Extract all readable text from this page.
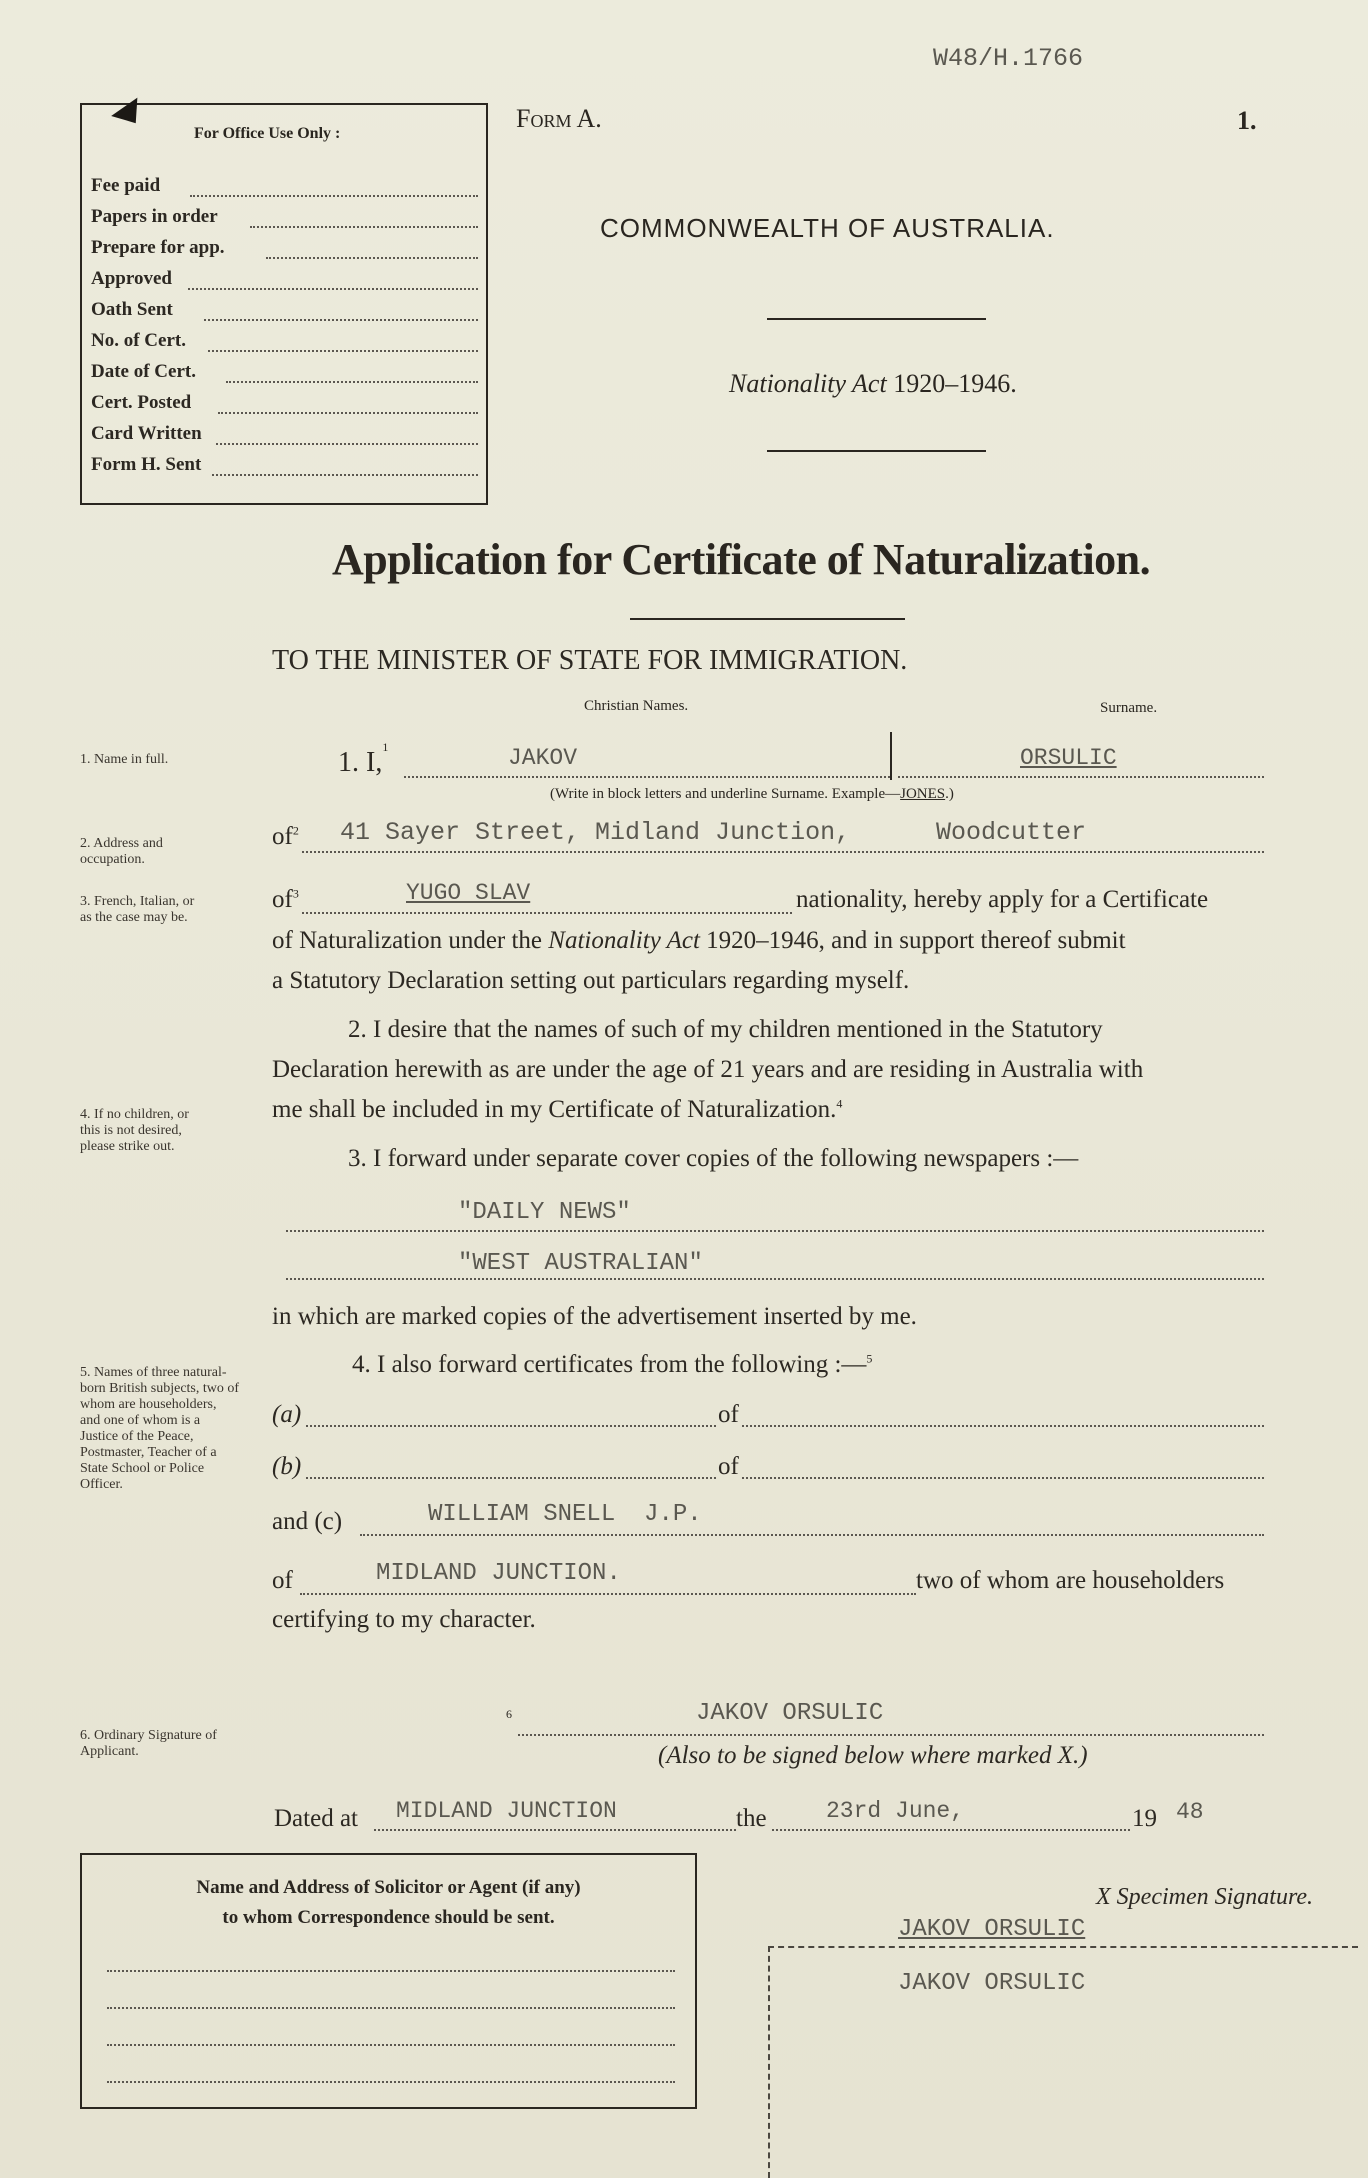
W48/H.1766
For Office Use Only :
Fee paid
Papers in order
Prepare for app.
Approved
Oath Sent
No. of Cert.
Date of Cert.
Cert. Posted
Card Written
Form H. Sent
Form A.	1.
COMMONWEALTH OF AUSTRALIA.
Nationality Act 1920–1946.
Application for Certificate of Naturalization.
TO THE MINISTER OF STATE FOR IMMIGRATION.
1. Name in full.
2. Address and occupation.
3. French, Italian, or as the case may be.
4. If no children, or this is not desired, please strike out.
5. Names of three natural-born British subjects, two of whom are householders, and one of whom is a Justice of the Peace, Postmaster, Teacher of a State School or Police Officer.
6. Ordinary Signature of Applicant.
Christian Names.	Surname.
1. I,$^1$	JAKOV	ORSULIC
(Write in block letters and underline Surname. Example—JONES.)
$of^2$ 41 Sayer Street, Midland Junction,	Woodcutter
$of^3$	YUGO SLAV	nationality, hereby apply for a Certificate
of Naturalization under the Nationality Act 1920–1946, and in support thereof submit
a Statutory Declaration setting out particulars regarding myself.
2. I desire that the names of such of my children mentioned in the Statutory
Declaration herewith as are under the age of 21 years and are residing in Australia with
me shall be included in my Certificate of Naturalization.$^4$
3. I forward under separate cover copies of the following newspapers :—
"DAILY NEWS"
"WEST AUSTRALIAN"
in which are marked copies of the advertisement inserted by me.
4. I also forward certificates from the following :—$^5$
(a)	of
(b)	of
and (c)	WILLIAM SNELL  J.P.
of	MIDLAND JUNCTION.	two of whom are householders
certifying to my character.
6	JAKOV ORSULIC
(Also to be signed below where marked X.)
Dated at MIDLAND JUNCTION	the	23rd June,	19 48
Name and Address of Solicitor or Agent (if any)
to whom Correspondence should be sent.
X Specimen Signature.
JAKOV ORSULIC
JAKOV ORSULIC
